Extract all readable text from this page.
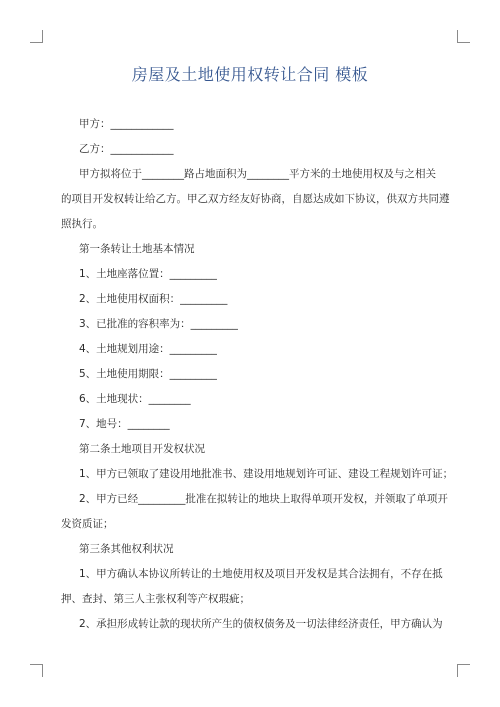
房屋及土地使用权转让合同 模板

甲方：____________

乙方：____________

甲方拟将位于________路占地面积为________平方米的土地使用权及与之相关

的项目开发权转让给乙方。甲乙双方经友好协商，自愿达成如下协议，供双方共同遵

照执行。

第一条转让土地基本情况

1、土地座落位置：_________

2、土地使用权面积：_________

3、已批准的容积率为：_________

4、土地规划用途：_________

5、土地使用期限：_________

6、土地现状：________

7、地号：________

第二条土地项目开发权状况

1、甲方已领取了建设用地批准书、建设用地规划许可证、建设工程规划许可证；

2、甲方已经_________批准在拟转让的地块上取得单项开发权，并领取了单项开

发资质证；

第三条其他权利状况

1、甲方确认本协议所转让的土地使用权及项目开发权是其合法拥有，不存在抵

押、查封、第三人主张权利等产权瑕疵；

2、承担形成转让款的现状所产生的债权债务及一切法律经济责任，甲方确认为
